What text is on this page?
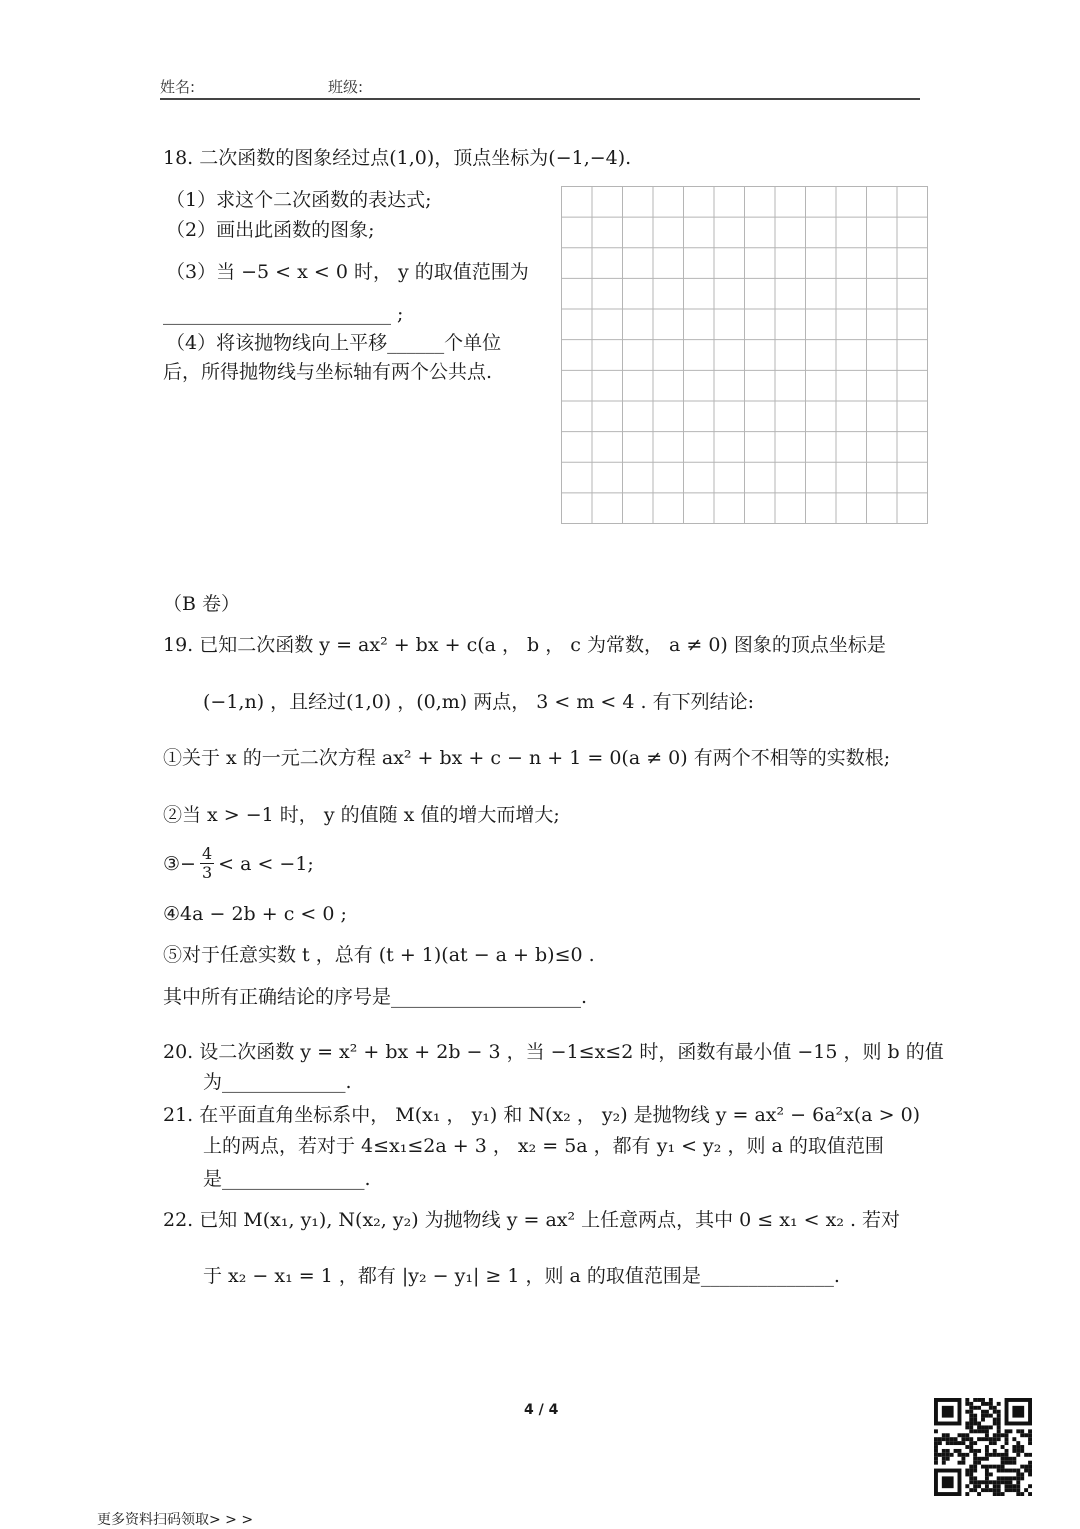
姓名:	班级:
18. 二次函数的图象经过点(1,0)，顶点坐标为(−1,−4).
（1）求这个二次函数的表达式;
（2）画出此函数的图象;
（3）当 −5 < x < 0 时， y 的取值范围为
________________________ ;
（4）将该抛物线向上平移______个单位
后，所得抛物线与坐标轴有两个公共点.
（B 卷）
19. 已知二次函数 y = ax² + bx + c(a ， b ， c 为常数， a ≠ 0) 图象的顶点坐标是
(−1,n) ，且经过(1,0) ，(0,m) 两点， 3 < m < 4 . 有下列结论:
①关于 x 的一元二次方程 ax² + bx + c − n + 1 = 0(a ≠ 0) 有两个不相等的实数根;
②当 x > −1 时， y 的值随 x 值的增大而增大;
③− $\frac{4}{3} < a < -1$;
④4a − 2b + c < 0 ;
⑤对于任意实数 t ，总有 (t + 1)(at − a + b)≤0 .
其中所有正确结论的序号是____________________.
20. 设二次函数 y = x² + bx + 2b − 3 ，当 −1≤x≤2 时，函数有最小值 −15 ，则 b 的值
为_____________.
21. 在平面直角坐标系中， M(x₁ ， y₁) 和 N(x₂ ， y₂) 是抛物线 y = ax² − 6a²x(a > 0)
上的两点，若对于 4≤x₁≤2a + 3 ， x₂ = 5a ，都有 y₁ < y₂ ，则 a 的取值范围
是_______________.
22. 已知 M(x₁, y₁), N(x₂, y₂) 为抛物线 y = ax² 上任意两点，其中 0 ≤ x₁ < x₂ . 若对
于 x₂ − x₁ = 1 ，都有 |y₂ − y₁| ≥ 1 ，则 a 的取值范围是______________.
4 / 4
更多资料扫码领取> > >
